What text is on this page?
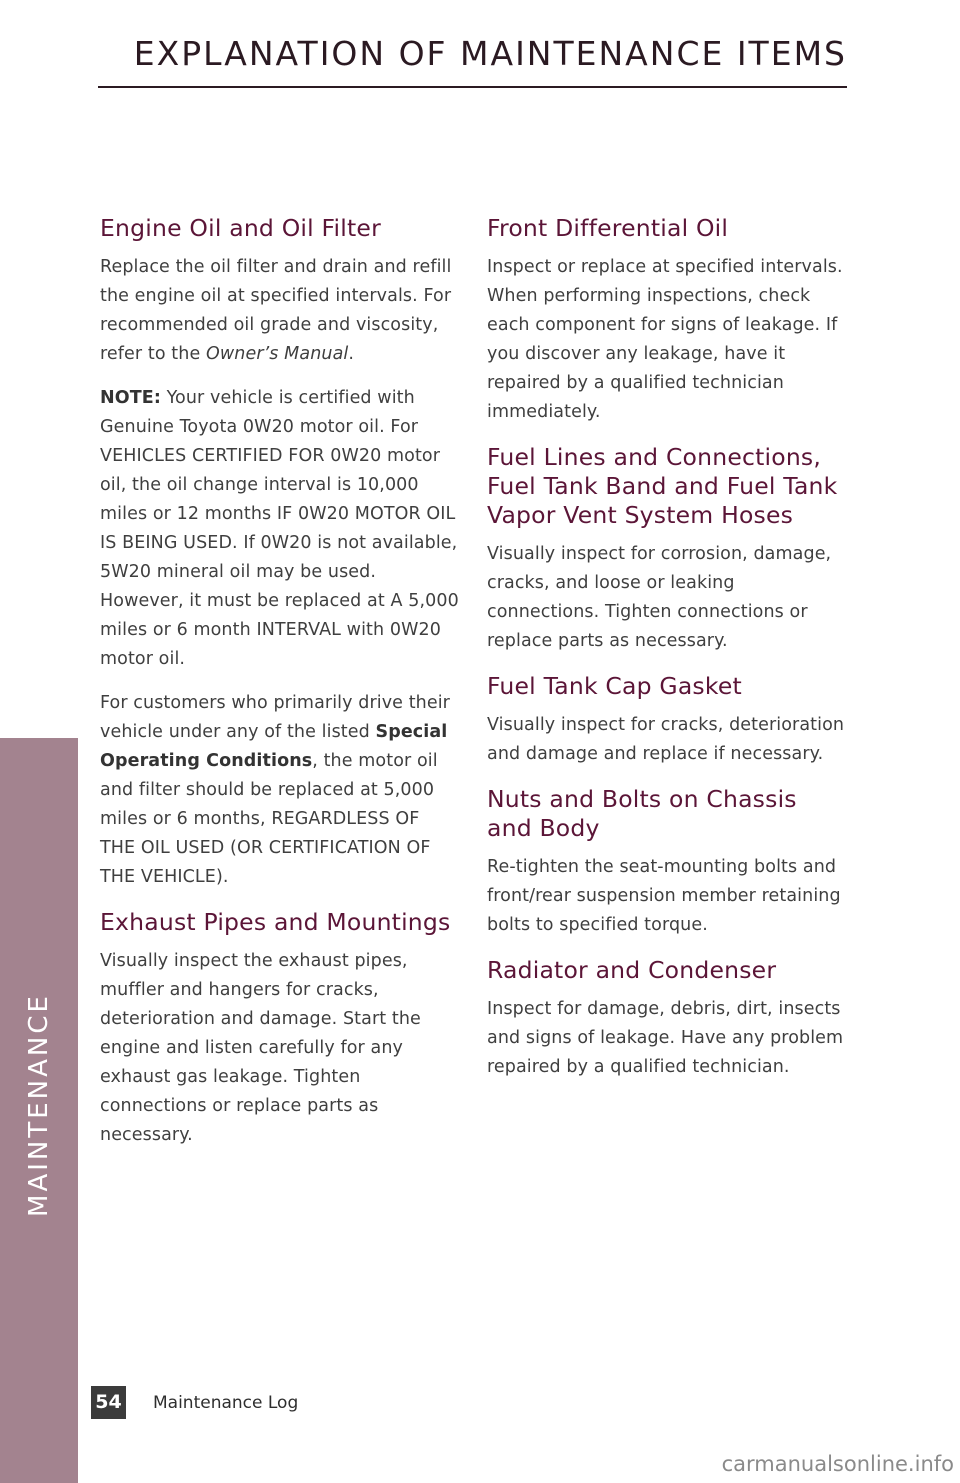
EXPLANATION OF MAINTENANCE ITEMS
MAINTENANCE
Engine Oil and Oil Filter

Replace the oil filter and drain and refill the engine oil at specified intervals. For recommended oil grade and viscosity, refer to the Owner’s Manual.

NOTE: Your vehicle is certified with Genuine Toyota 0W20 motor oil. For VEHICLES CERTIFIED FOR 0W20 motor oil, the oil change interval is 10,000 miles or 12 months IF 0W20 MOTOR OIL IS BEING USED. If 0W20 is not available, 5W20 mineral oil may be used. However, it must be replaced at A 5,000 miles or 6 month INTERVAL with 0W20 motor oil.

For customers who primarily drive their vehicle under any of the listed Special Operating Conditions, the motor oil and filter should be replaced at 5,000 miles or 6 months, REGARDLESS OF THE OIL USED (OR CERTIFICATION OF THE VEHICLE).

Exhaust Pipes and Mountings

Visually inspect the exhaust pipes, muffler and hangers for cracks, deterioration and damage. Start the engine and listen carefully for any exhaust gas leakage. Tighten connections or replace parts as necessary.

Front Differential Oil

Inspect or replace at specified intervals. When performing inspections, check each component for signs of leakage. If you discover any leakage, have it repaired by a qualified technician immediately.

Fuel Lines and Connections, Fuel Tank Band and Fuel Tank Vapor Vent System Hoses

Visually inspect for corrosion, damage, cracks, and loose or leaking connections. Tighten connections or replace parts as necessary.

Fuel Tank Cap Gasket

Visually inspect for cracks, deterioration and damage and replace if necessary.

Nuts and Bolts on Chassis and Body

Re-tighten the seat-mounting bolts and front/rear suspension member retaining bolts to specified torque.

Radiator and Condenser

Inspect for damage, debris, dirt, insects and signs of leakage. Have any problem repaired by a qualified technician.

54 Maintenance Log
carmanualsonline.info
